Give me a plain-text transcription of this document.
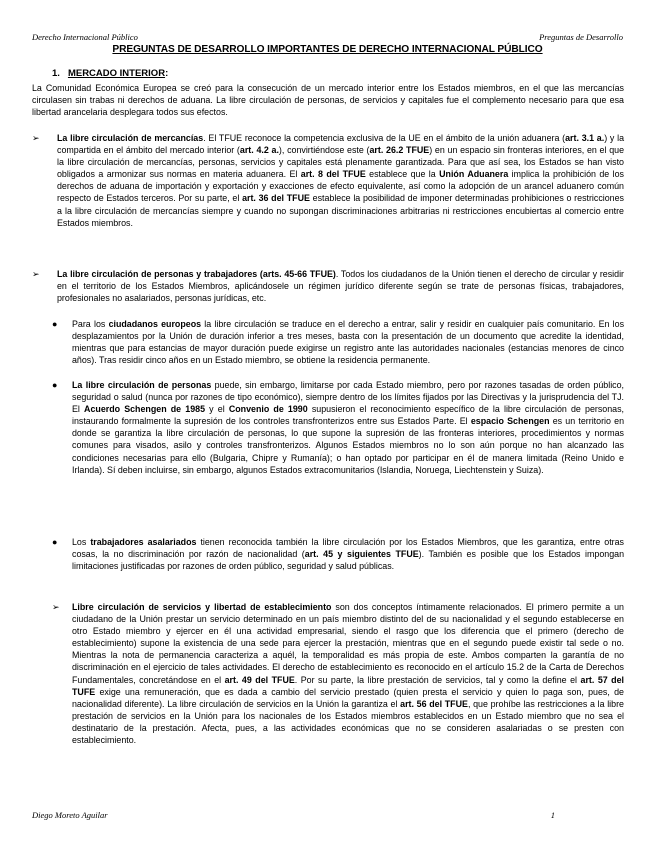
Derecho Internacional Público	Preguntas de Desarrollo
PREGUNTAS DE DESARROLLO IMPORTANTES DE DERECHO INTERNACIONAL PÚBLICO
1. MERCADO INTERIOR:

La Comunidad Económica Europea se creó para la consecución de un mercado interior entre los Estados miembros, en el que las mercancías circulasen sin trabas ni derechos de aduana. La libre circulación de personas, de servicios y capitales fue el complemento necesario para que esa libertad arancelaria desplegara todos sus efectos.

➢ La libre circulación de mercancías. El TFUE reconoce la competencia exclusiva de la UE en el ámbito de la unión aduanera (art. 3.1 a.) y la compartida en el ámbito del mercado interior (art. 4.2 a.), convirtiéndose este (art. 26.2 TFUE) en un espacio sin fronteras interiores, en el que la libre circulación de mercancías, personas, servicios y capitales está plenamente garantizada. Para que así sea, los Estados se han visto obligados a armonizar sus normas en materia aduanera. El art. 8 del TFUE establece que la Unión Aduanera implica la prohibición de los derechos de aduana de importación y exportación y exacciones de efecto equivalente, así como la adopción de un arancel aduanero común respecto de Estados terceros. Por su parte, el art. 36 del TFUE establece la posibilidad de imponer determinadas prohibiciones o restricciones a la libre circulación de mercancías siempre y cuando no supongan discriminaciones arbitrarias ni restricciones encubiertas al comercio entre Estados miembros.

➢ La libre circulación de personas y trabajadores (arts. 45-66 TFUE). Todos los ciudadanos de la Unión tienen el derecho de circular y residir en el territorio de los Estados Miembros, aplicándosele un régimen jurídico diferente según se trate de personas físicas, trabajadores, profesionales no asalariados, personas jurídicas, etc.

● Para los ciudadanos europeos la libre circulación se traduce en el derecho a entrar, salir y residir en cualquier país comunitario. En los desplazamientos por la Unión de duración inferior a tres meses, basta con la presentación de un documento que acredite la identidad, mientras que para estancias de mayor duración puede exigirse un registro ante las autoridades nacionales (estancias menores de cinco años). Tras residir cinco años en un Estado miembro, se obtiene la residencia permanente.

● La libre circulación de personas puede, sin embargo, limitarse por cada Estado miembro, pero por razones tasadas de orden público, seguridad o salud (nunca por razones de tipo económico), siempre dentro de los límites fijados por las Directivas y la jurisprudencia del TJ. El Acuerdo Schengen de 1985 y el Convenio de 1990 supusieron el reconocimiento específico de la libre circulación de personas, instaurando formalmente la supresión de los controles transfronterizos entre sus Estados Parte. El espacio Schengen es un territorio en donde se garantiza la libre circulación de personas, lo que supone la supresión de las fronteras interiores, procedimientos y normas comunes para visados, asilo y controles transfronterizos. Algunos Estados miembros no lo son aún porque no han alcanzado las condiciones necesarias para ello (Bulgaria, Chipre y Rumanía); o han optado por participar en él de manera limitada (Reino Unido e Irlanda). Sí deben incluirse, sin embargo, algunos Estados extracomunitarios (Islandia, Noruega, Liechtenstein y Suiza).

● Los trabajadores asalariados tienen reconocida también la libre circulación por los Estados Miembros, que les garantiza, entre otras cosas, la no discriminación por razón de nacionalidad (art. 45 y siguientes TFUE). También es posible que los Estados impongan limitaciones justificadas por razones de orden público, seguridad y salud públicas.

➢ Libre circulación de servicios y libertad de establecimiento son dos conceptos íntimamente relacionados. El primero permite a un ciudadano de la Unión prestar un servicio determinado en un país miembro distinto del de su nacionalidad y el segundo establecerse en otro Estado miembro y ejercer en él una actividad empresarial, siendo el rasgo que los diferencia que el primero (derecho de establecimiento) supone la existencia de una sede para ejercer la prestación, mientras que en el segundo puede existir tal sede o no. Mientras la nota de permanencia caracteriza a aquél, la temporalidad es más propia de este. Ambos comparten la garantía de no discriminación en el ejercicio de tales actividades. El derecho de establecimiento es reconocido en el artículo 15.2 de la Carta de Derechos Fundamentales, concretándose en el art. 49 del TFUE. Por su parte, la libre prestación de servicios, tal y como la define el art. 57 del TUFE exige una remuneración, que es dada a cambio del servicio prestado (quien presta el servicio y quien lo paga son, pues, de nacionalidad diferente). La libre circulación de servicios en la Unión la garantiza el art. 56 del TFUE, que prohíbe las restricciones a la libre prestación de servicios en la Unión para los nacionales de los Estados miembros establecidos en un Estado miembro que no sea el destinatario de la prestación. Afecta, pues, a las actividades económicas que no se consideren asalariadas o se presten con establecimiento.

Diego Moreto Aguilar	1
